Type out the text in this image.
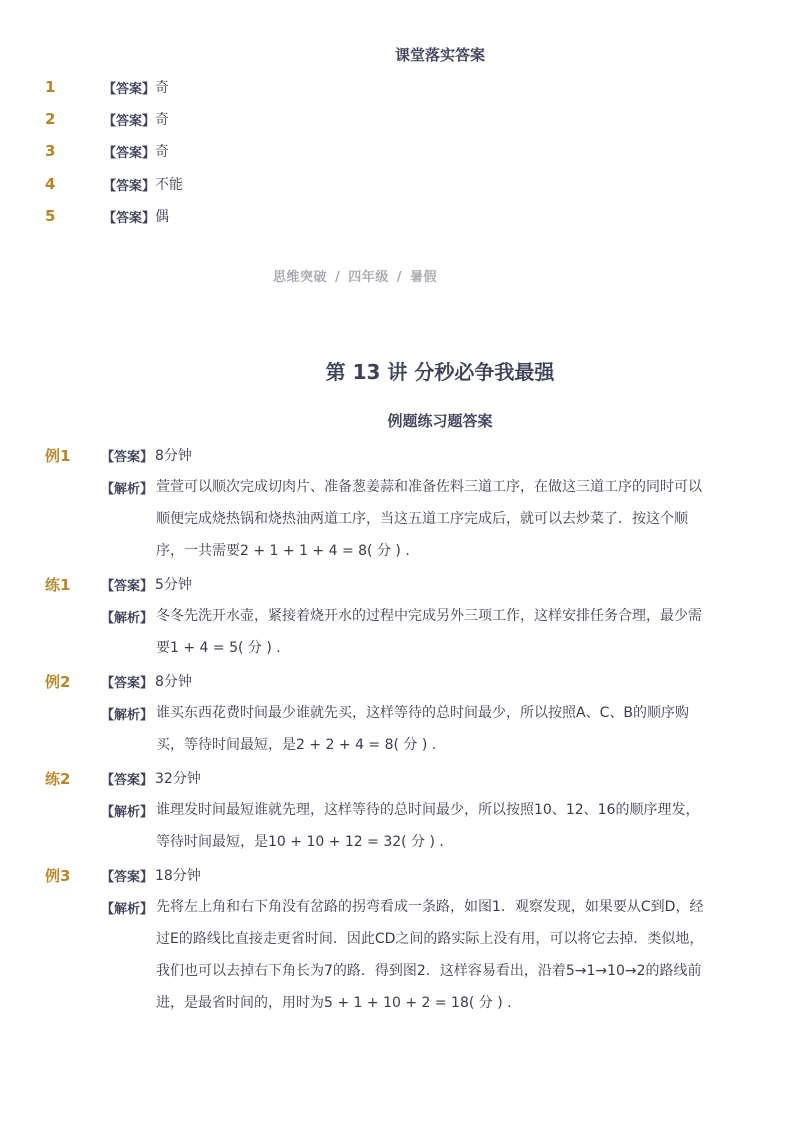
课堂落实答案
1	【答案】 奇
2	【答案】 奇
3	【答案】 奇
4	【答案】 不能
5	【答案】 偶
思维突破 / 四年级 / 暑假
第 13 讲 分秒必争我最强
例题练习题答案
例1 【答案】 8分钟
【解析】 萱萱可以顺次完成切肉片、准备葱姜蒜和准备佐料三道工序，在做这三道工序的同时可以
顺便完成烧热锅和烧热油两道工序，当这五道工序完成后，就可以去炒菜了．按这个顺
序，一共需要2 + 1 + 1 + 4 = 8( 分 ) .
练1 【答案】 5分钟
【解析】 冬冬先洗开水壶，紧接着烧开水的过程中完成另外三项工作，这样安排任务合理，最少需
要1 + 4 = 5( 分 ) .
例2 【答案】 8分钟
【解析】 谁买东西花费时间最少谁就先买，这样等待的总时间最少，所以按照A、C、B的顺序购
买，等待时间最短，是2 + 2 + 4 = 8( 分 ) .
练2 【答案】 32分钟
【解析】 谁理发时间最短谁就先理，这样等待的总时间最少，所以按照10、12、16的顺序理发，
等待时间最短，是10 + 10 + 12 = 32( 分 ) .
例3 【答案】 18分钟
【解析】 先将左上角和右下角没有岔路的拐弯看成一条路，如图1．观察发现，如果要从C到D，经
过E的路线比直接走更省时间．因此CD之间的路实际上没有用，可以将它去掉．类似地，
我们也可以去掉右下角长为7的路．得到图2．这样容易看出，沿着5→1→10→2的路线前
进，是最省时间的，用时为5 + 1 + 10 + 2 = 18( 分 ) .
